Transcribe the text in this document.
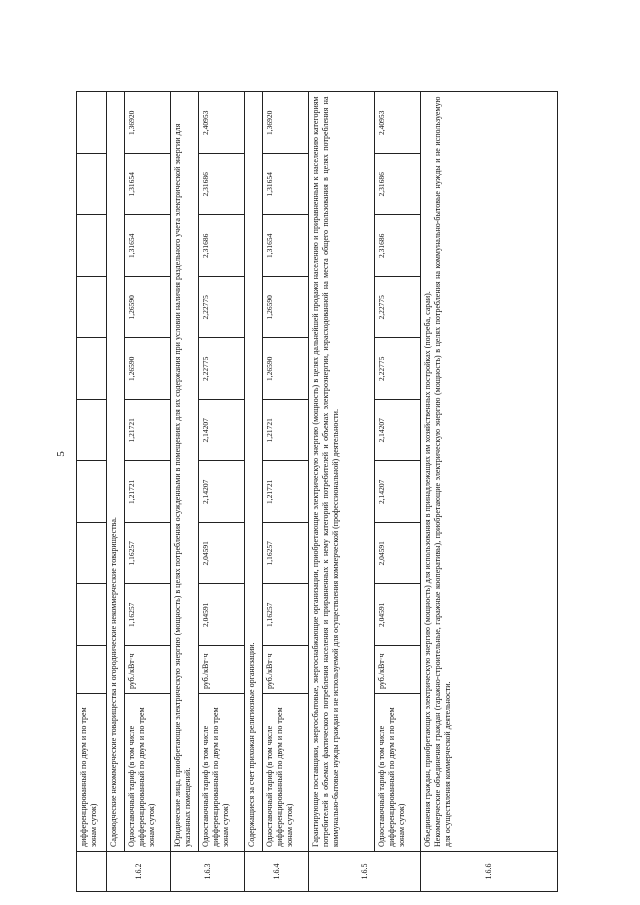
5
	дифференцированный по двум и по трем зонам суток)										
1.6.2	Садоводческие некоммерческие товарищества и огороднические некоммерческие товарищества.										
	Одноставочный тариф (в том числе дифференцированный по двум и по трем зонам суток)	руб./кВт·ч	1,16257	1,16257	1,21721	1,21721	1,26590	1,26590	1,31654	1,31654	1,36920
1.6.3	Юридические лица, приобретающие электрическую энергию (мощность) в целях потребления осужденными в помещениях для их содержания при условии наличия раздельного учета электрической энергии для указанных помещений.										
	Одноставочный тариф (в том числе дифференцированный по двум и по трем зонам суток)	руб./кВт·ч	2,04591	2,04591	2,14207	2,14207	2,22775	2,22775	2,31686	2,31686	2,40953
1.6.4	Содержащиеся за счет прихожан религиозные организации.										
	Одноставочный тариф (в том числе дифференцированный по двум и по трем зонам суток)	руб./кВт·ч	1,16257	1,16257	1,21721	1,21721	1,26590	1,26590	1,31654	1,31654	1,36920
1.6.5	Гарантирующие поставщики, энергосбытовые, энергоснабжающие организации, приобретающие электрическую энергию (мощность) в целях дальнейшей продажи населению и приравненным к населению категориям потребителей в объемах фактического потребления населения и приравненных к нему категорий потребителей и объемах электроэнергии, израсходованной на места общего пользования в целях потребления на коммунально-бытовые нужды граждан и не используемой для осуществления коммерческой (профессиональной) деятельности.										
	Одноставочный тариф (в том числе дифференцированный по двум и по трем зонам суток)	руб./кВт·ч	2,04591	2,04591	2,14207	2,14207	2,22775	2,22775	2,31686	2,31686	2,40953
1.6.6	Объединения граждан, приобретающих электрическую энергию (мощность) для использования в принадлежащих им хозяйственных постройках (погреба, сараи).
Некоммерческие объединения граждан (гаражно-строительные, гаражные кооперативы), приобретающие электрическую энергию (мощность) в целях потребления на коммунально-бытовые нужды и не используемую для осуществления коммерческой деятельности.										
